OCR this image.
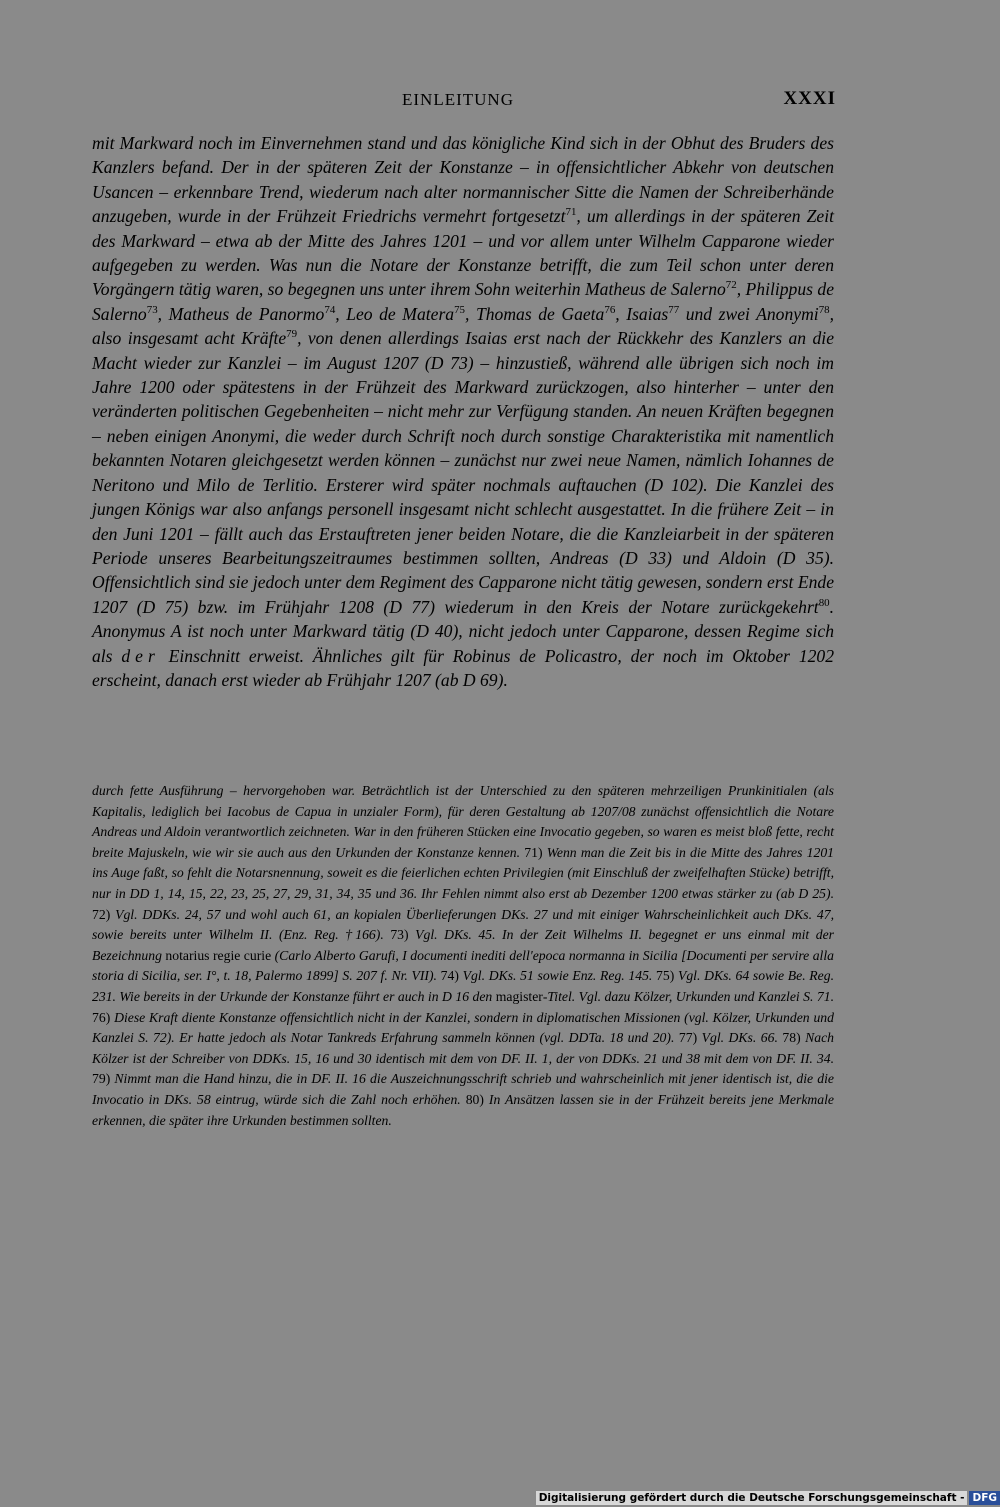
EINLEITUNG	XXXI

mit Markward noch im Einvernehmen stand und das königliche Kind sich in der Obhut des Bruders des Kanzlers befand. Der in der späteren Zeit der Konstanze – in offensichtlicher Abkehr von deutschen Usancen – erkennbare Trend, wiederum nach alter normannischer Sitte die Namen der Schreiberhände anzugeben, wurde in der Frühzeit Friedrichs vermehrt fortgesetzt$^{71}$, um allerdings in der späteren Zeit des Markward – etwa ab der Mitte des Jahres 1201 – und vor allem unter Wilhelm Capparone wieder aufgegeben zu werden. Was nun die Notare der Konstanze betrifft, die zum Teil schon unter deren Vorgängern tätig waren, so begegnen uns unter ihrem Sohn weiterhin Matheus de Salerno$^{72}$, Philippus de Salerno$^{73}$, Matheus de Panormo$^{74}$, Leo de Matera$^{75}$, Thomas de Gaeta$^{76}$, Isaias$^{77}$ und zwei Anonymi$^{78}$, also insgesamt acht Kräfte$^{79}$, von denen allerdings Isaias erst nach der Rückkehr des Kanzlers an die Macht wieder zur Kanzlei – im August 1207 (D 73) – hinzustieß, während alle übrigen sich noch im Jahre 1200 oder spätestens in der Frühzeit des Markward zurückzogen, also hinterher – unter den veränderten politischen Gegebenheiten – nicht mehr zur Verfügung standen. An neuen Kräften begegnen – neben einigen Anonymi, die weder durch Schrift noch durch sonstige Charakteristika mit namentlich bekannten Notaren gleichgesetzt werden können – zunächst nur zwei neue Namen, nämlich Iohannes de Neritono und Milo de Terlitio. Ersterer wird später nochmals auftauchen (D 102). Die Kanzlei des jungen Königs war also anfangs personell insgesamt nicht schlecht ausgestattet. In die frühere Zeit – in den Juni 1201 – fällt auch das Erstauftreten jener beiden Notare, die die Kanzleiarbeit in der späteren Periode unseres Bearbeitungszeitraumes bestimmen sollten, Andreas (D 33) und Aldoin (D 35). Offensichtlich sind sie jedoch unter dem Regiment des Capparone nicht tätig gewesen, sondern erst Ende 1207 (D 75) bzw. im Frühjahr 1208 (D 77) wiederum in den Kreis der Notare zurückgekehrt$^{80}$. Anonymus A ist noch unter Markward tätig (D 40), nicht jedoch unter Capparone, dessen Regime sich als der Einschnitt erweist. Ähnliches gilt für Robinus de Policastro, der noch im Oktober 1202 erscheint, danach erst wieder ab Frühjahr 1207 (ab D 69).

durch fette Ausführung – hervorgehoben war. Beträchtlich ist der Unterschied zu den späteren mehrzeiligen Prunkinitialen (als Kapitalis, lediglich bei Iacobus de Capua in unzialer Form), für deren Gestaltung ab 1207/08 zunächst offensichtlich die Notare Andreas und Aldoin verantwortlich zeichneten. War in den früheren Stücken eine Invocatio gegeben, so waren es meist bloß fette, recht breite Majuskeln, wie wir sie auch aus den Urkunden der Konstanze kennen. 71) Wenn man die Zeit bis in die Mitte des Jahres 1201 ins Auge faßt, so fehlt die Notarsnennung, soweit es die feierlichen echten Privilegien (mit Einschluß der zweifelhaften Stücke) betrifft, nur in DD 1, 14, 15, 22, 23, 25, 27, 29, 31, 34, 35 und 36. Ihr Fehlen nimmt also erst ab Dezember 1200 etwas stärker zu (ab D 25). 72) Vgl. DDKs. 24, 57 und wohl auch 61, an kopialen Überlieferungen DKs. 27 und mit einiger Wahrscheinlichkeit auch DKs. 47, sowie bereits unter Wilhelm II. (Enz. Reg. †166). 73) Vgl. DKs. 45. In der Zeit Wilhelms II. begegnet er uns einmal mit der Bezeichnung notarius regie curie (Carlo Alberto Garufi, I documenti inediti dell'epoca normanna in Sicilia [Documenti per servire alla storia di Sicilia, ser. I°, t. 18, Palermo 1899] S. 207 f. Nr. VII). 74) Vgl. DKs. 51 sowie Enz. Reg. 145. 75) Vgl. DKs. 64 sowie Be. Reg. 231. Wie bereits in der Urkunde der Konstanze führt er auch in D 16 den magister-Titel. Vgl. dazu Kölzer, Urkunden und Kanzlei S. 71. 76) Diese Kraft diente Konstanze offensichtlich nicht in der Kanzlei, sondern in diplomatischen Missionen (vgl. Kölzer, Urkunden und Kanzlei S. 72). Er hatte jedoch als Notar Tankreds Erfahrung sammeln können (vgl. DDTa. 18 und 20). 77) Vgl. DKs. 66. 78) Nach Kölzer ist der Schreiber von DDKs. 15, 16 und 30 identisch mit dem von DF. II. 1, der von DDKs. 21 und 38 mit dem von DF. II. 34. 79) Nimmt man die Hand hinzu, die in DF. II. 16 die Auszeichnungsschrift schrieb und wahrscheinlich mit jener identisch ist, die die Invocatio in DKs. 58 eintrug, würde sich die Zahl noch erhöhen. 80) In Ansätzen lassen sie in der Frühzeit bereits jene Merkmale erkennen, die später ihre Urkunden bestimmen sollten.

Digitalisierung gefördert durch die Deutsche Forschungsgemeinschaft - DFG
